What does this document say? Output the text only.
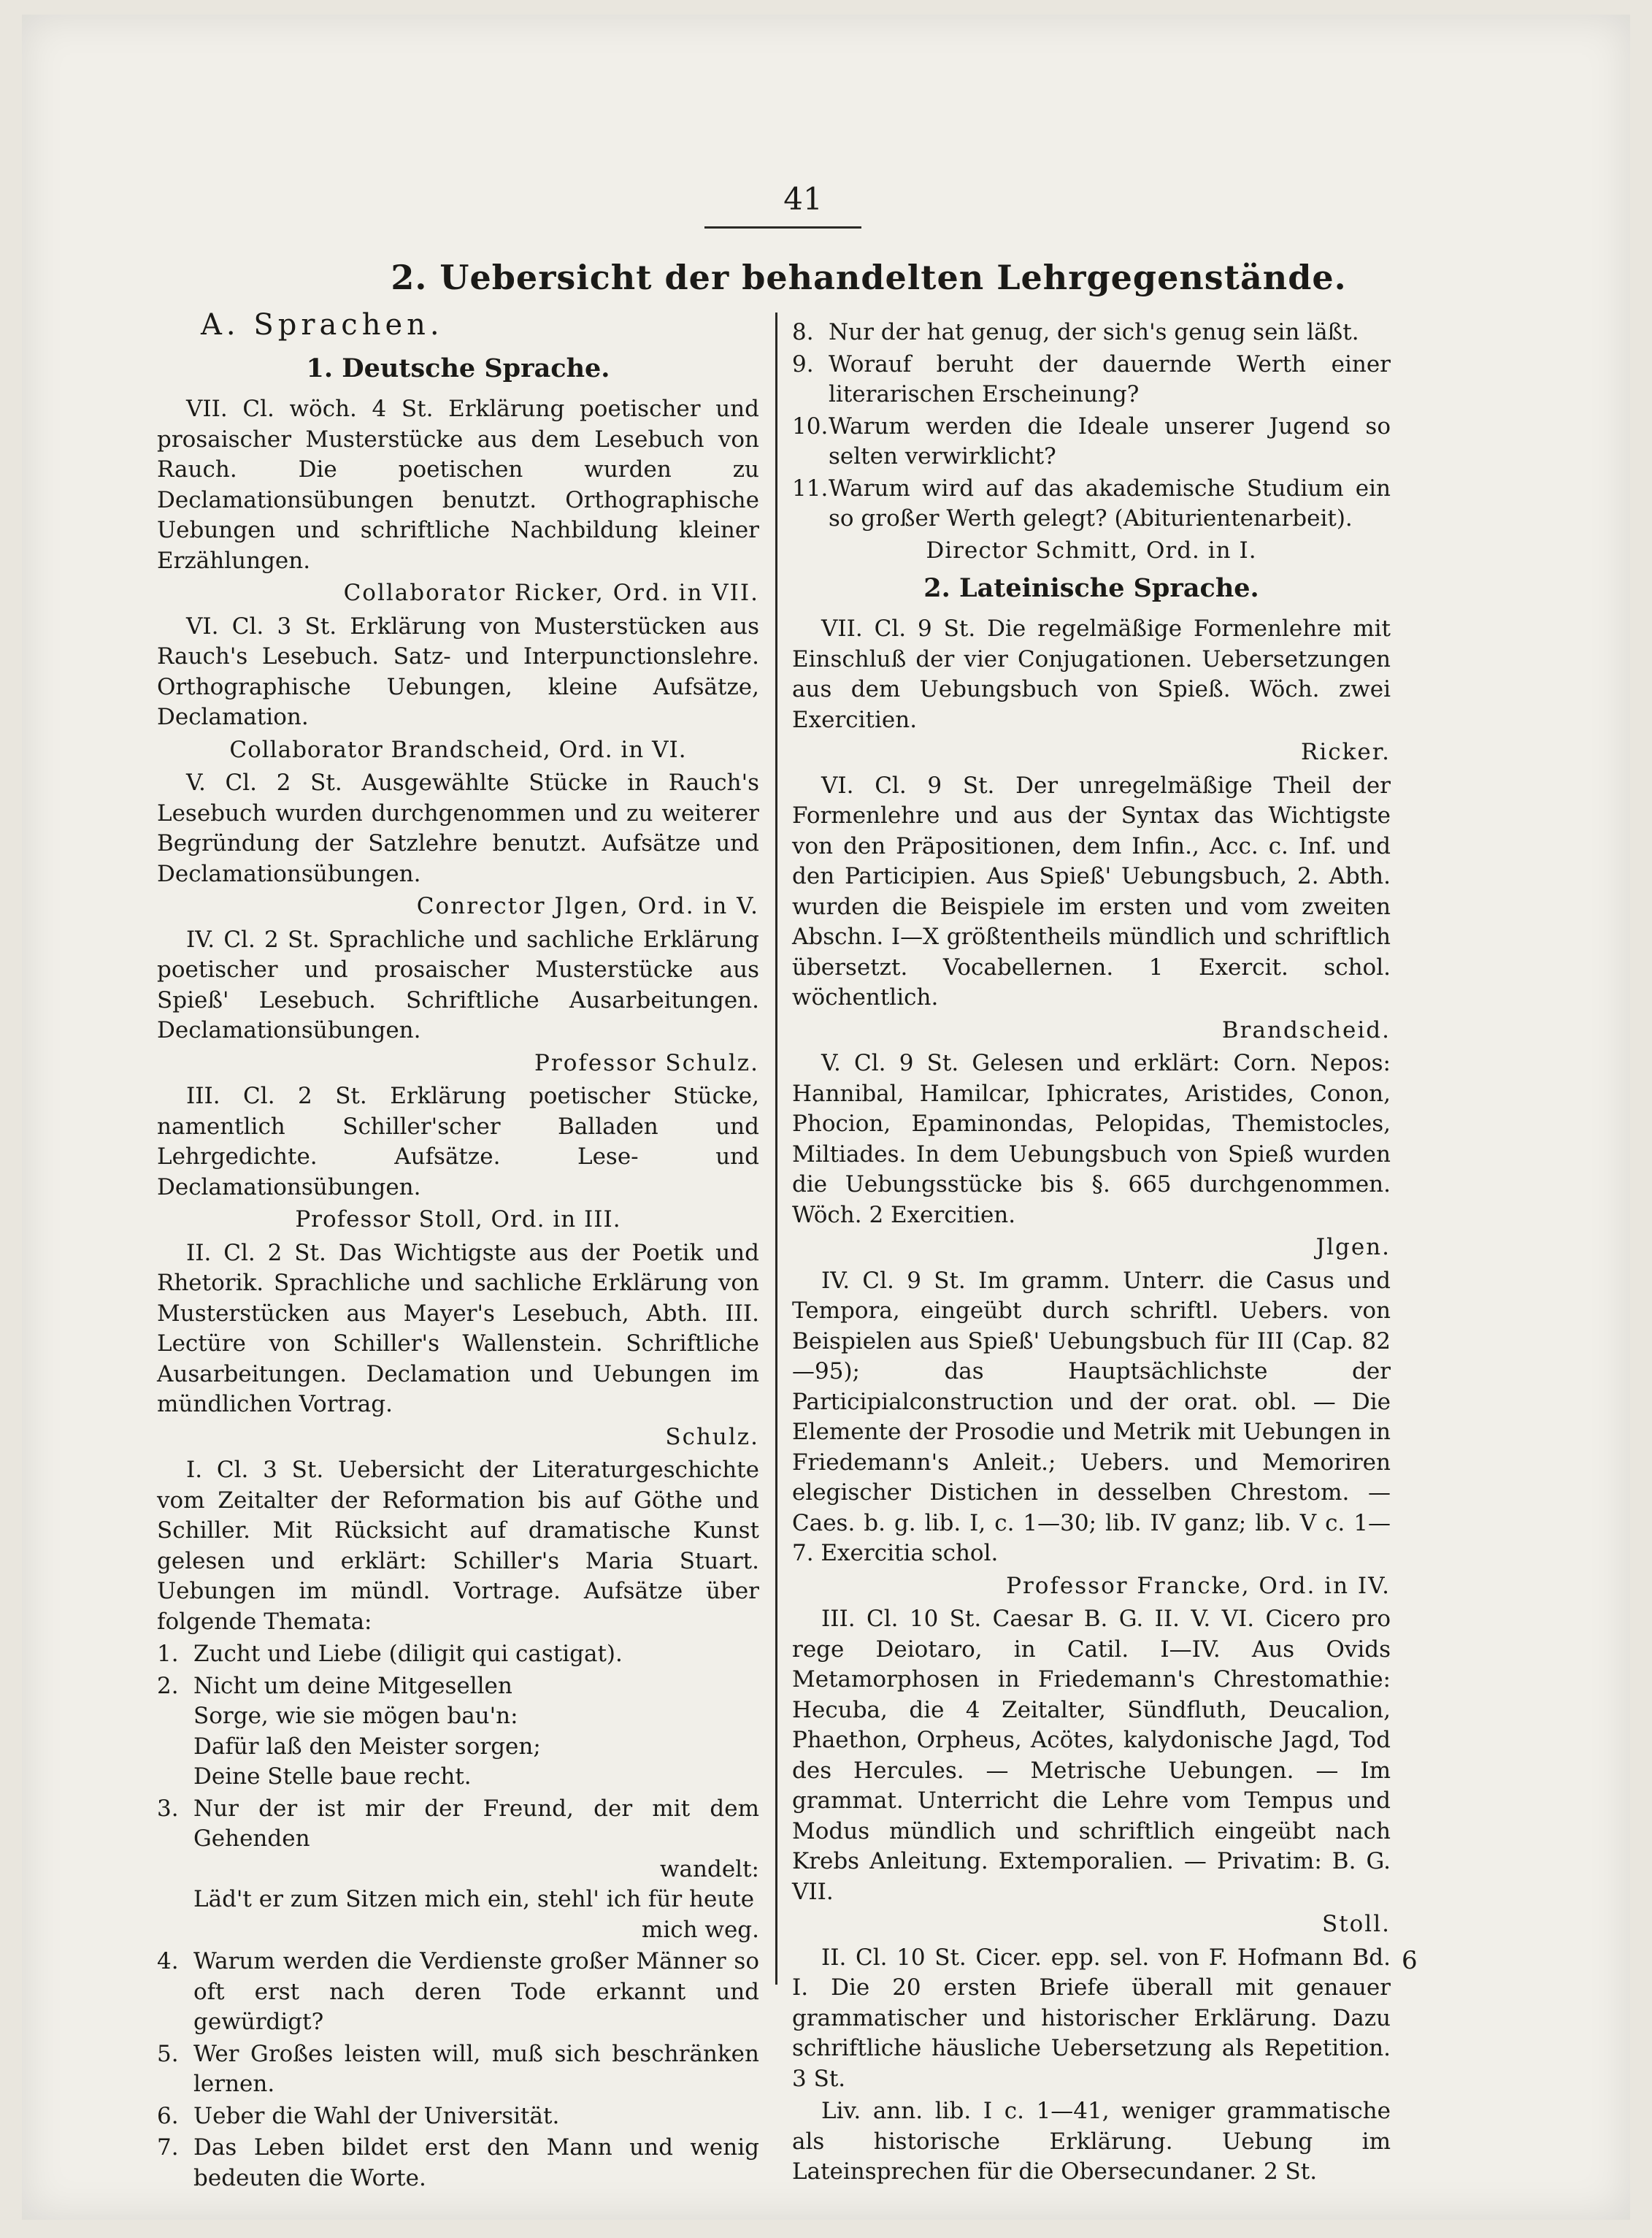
41
2. Uebersicht der behandelten Lehrgegenstände.
A. Sprachen.
1. Deutsche Sprache.

VII. Cl. wöch. 4 St. Erklärung poetischer und prosaischer Musterstücke aus dem Lesebuch von Rauch. Die poetischen wurden zu Declamationsübungen benutzt. Orthographische Uebungen und schriftliche Nachbildung kleiner Erzählungen.

Collaborator Ricker, Ord. in VII.

VI. Cl. 3 St. Erklärung von Musterstücken aus Rauch's Lesebuch. Satz- und Interpunctionslehre. Orthographische Uebungen, kleine Aufsätze, Declamation.

Collaborator Brandscheid, Ord. in VI.

V. Cl. 2 St. Ausgewählte Stücke in Rauch's Lesebuch wurden durchgenommen und zu weiterer Begründung der Satzlehre benutzt. Aufsätze und Declamationsübungen.

Conrector Jlgen, Ord. in V.

IV. Cl. 2 St. Sprachliche und sachliche Erklärung poetischer und prosaischer Musterstücke aus Spieß' Lesebuch. Schriftliche Ausarbeitungen. Declamationsübungen.

Professor Schulz.

III. Cl. 2 St. Erklärung poetischer Stücke, namentlich Schiller'scher Balladen und Lehrgedichte. Aufsätze. Lese- und Declamationsübungen.

Professor Stoll, Ord. in III.

II. Cl. 2 St. Das Wichtigste aus der Poetik und Rhetorik. Sprachliche und sachliche Erklärung von Musterstücken aus Mayer's Lesebuch, Abth. III. Lectüre von Schiller's Wallenstein. Schriftliche Ausarbeitungen. Declamation und Uebungen im mündlichen Vortrag.

Schulz.

I. Cl. 3 St. Uebersicht der Literaturgeschichte vom Zeitalter der Reformation bis auf Göthe und Schiller. Mit Rücksicht auf dramatische Kunst gelesen und erklärt: Schiller's Maria Stuart. Uebungen im mündl. Vortrage. Aufsätze über folgende Themata:

1. Zucht und Liebe (diligit qui castigat).
2. Nicht um deine Mitgesellen
Sorge, wie sie mögen bau'n:
Dafür laß den Meister sorgen;
Deine Stelle baue recht.
3. Nur der ist mir der Freund, der mit dem Gehenden
wandelt:
Läd't er zum Sitzen mich ein, stehl' ich für heute
mich weg.
4. Warum werden die Verdienste großer Männer so oft erst nach deren Tode erkannt und gewürdigt?
5. Wer Großes leisten will, muß sich beschränken lernen.
6. Ueber die Wahl der Universität.
7. Das Leben bildet erst den Mann und wenig bedeuten die Worte.
8. Nur der hat genug, der sich's genug sein läßt.
9. Worauf beruht der dauernde Werth einer literarischen Erscheinung?
10. Warum werden die Ideale unserer Jugend so selten verwirklicht?
11. Warum wird auf das akademische Studium ein so großer Werth gelegt? (Abiturientenarbeit).
Director Schmitt, Ord. in I.
2. Lateinische Sprache.

VII. Cl. 9 St. Die regelmäßige Formenlehre mit Einschluß der vier Conjugationen. Uebersetzungen aus dem Uebungsbuch von Spieß. Wöch. zwei Exercitien.

Ricker.

VI. Cl. 9 St. Der unregelmäßige Theil der Formenlehre und aus der Syntax das Wichtigste von den Präpositionen, dem Infin., Acc. c. Inf. und den Participien. Aus Spieß' Uebungsbuch, 2. Abth. wurden die Beispiele im ersten und vom zweiten Abschn. I—X größtentheils mündlich und schriftlich übersetzt. Vocabellernen. 1 Exercit. schol. wöchentlich.

Brandscheid.

V. Cl. 9 St. Gelesen und erklärt: Corn. Nepos: Hannibal, Hamilcar, Iphicrates, Aristides, Conon, Phocion, Epaminondas, Pelopidas, Themistocles, Miltiades. In dem Uebungsbuch von Spieß wurden die Uebungsstücke bis §. 665 durchgenommen. Wöch. 2 Exercitien.

Jlgen.

IV. Cl. 9 St. Im gramm. Unterr. die Casus und Tempora, eingeübt durch schriftl. Uebers. von Beispielen aus Spieß' Uebungsbuch für III (Cap. 82—95); das Hauptsächlichste der Participialconstruction und der orat. obl. — Die Elemente der Prosodie und Metrik mit Uebungen in Friedemann's Anleit.; Uebers. und Memoriren elegischer Distichen in desselben Chrestom. — Caes. b. g. lib. I, c. 1—30; lib. IV ganz; lib. V c. 1—7. Exercitia schol.

Professor Francke, Ord. in IV.

III. Cl. 10 St. Caesar B. G. II. V. VI. Cicero pro rege Deiotaro, in Catil. I—IV. Aus Ovids Metamorphosen in Friedemann's Chrestomathie: Hecuba, die 4 Zeitalter, Sündfluth, Deucalion, Phaethon, Orpheus, Acötes, kalydonische Jagd, Tod des Hercules. — Metrische Uebungen. — Im grammat. Unterricht die Lehre vom Tempus und Modus mündlich und schriftlich eingeübt nach Krebs Anleitung. Extemporalien. — Privatim: B. G. VII.

Stoll.

II. Cl. 10 St. Cicer. epp. sel. von F. Hofmann Bd. I. Die 20 ersten Briefe überall mit genauer grammatischer und historischer Erklärung. Dazu schriftliche häusliche Uebersetzung als Repetition. 3 St.

Liv. ann. lib. I c. 1—41, weniger grammatische als historische Erklärung. Uebung im Lateinsprechen für die Obersecundaner. 2 St.

6
